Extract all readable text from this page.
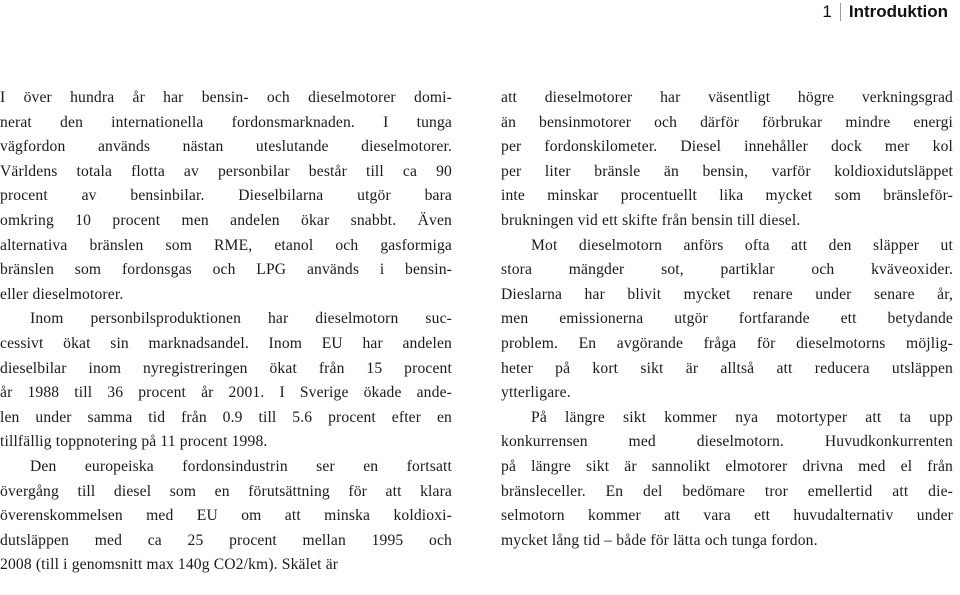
1 Introduktion
I över hundra år har bensin- och dieselmotorer domi-
nerat den internationella fordonsmarknaden. I tunga
vägfordon används nästan uteslutande dieselmotorer.
Världens totala flotta av personbilar består till ca 90
procent av bensinbilar. Dieselbilarna utgör bara
omkring 10 procent men andelen ökar snabbt. Även
alternativa bränslen som RME, etanol och gasformiga
bränslen som fordonsgas och LPG används i bensin-
eller dieselmotorer.
Inom personbilsproduktionen har dieselmotorn suc-
cessivt ökat sin marknadsandel. Inom EU har andelen
dieselbilar inom nyregistreringen ökat från 15 procent
år 1988 till 36 procent år 2001. I Sverige ökade ande-
len under samma tid från 0.9 till 5.6 procent efter en
tillfällig toppnotering på 11 procent 1998.
Den europeiska fordonsindustrin ser en fortsatt
övergång till diesel som en förutsättning för att klara
överenskommelsen med EU om att minska koldioxi-
dutsläppen med ca 25 procent mellan 1995 och
2008 (till i genomsnitt max 140g CO2/km). Skälet är
att dieselmotorer har väsentligt högre verkningsgrad
än bensinmotorer och därför förbrukar mindre energi
per fordonskilometer. Diesel innehåller dock mer kol
per liter bränsle än bensin, varför koldioxidutsläppet
inte minskar procentuellt lika mycket som bränsleför-
brukningen vid ett skifte från bensin till diesel.
Mot dieselmotorn anförs ofta att den släpper ut
stora mängder sot, partiklar och kväveoxider.
Dieslarna har blivit mycket renare under senare år,
men emissionerna utgör fortfarande ett betydande
problem. En avgörande fråga för dieselmotorns möjlig-
heter på kort sikt är alltså att reducera utsläppen
ytterligare.
På längre sikt kommer nya motortyper att ta upp
konkurrensen med dieselmotorn. Huvudkonkurrenten
på längre sikt är sannolikt elmotorer drivna med el från
bränsleceller. En del bedömare tror emellertid att die-
selmotorn kommer att vara ett huvudalternativ under
mycket lång tid – både för lätta och tunga fordon.
